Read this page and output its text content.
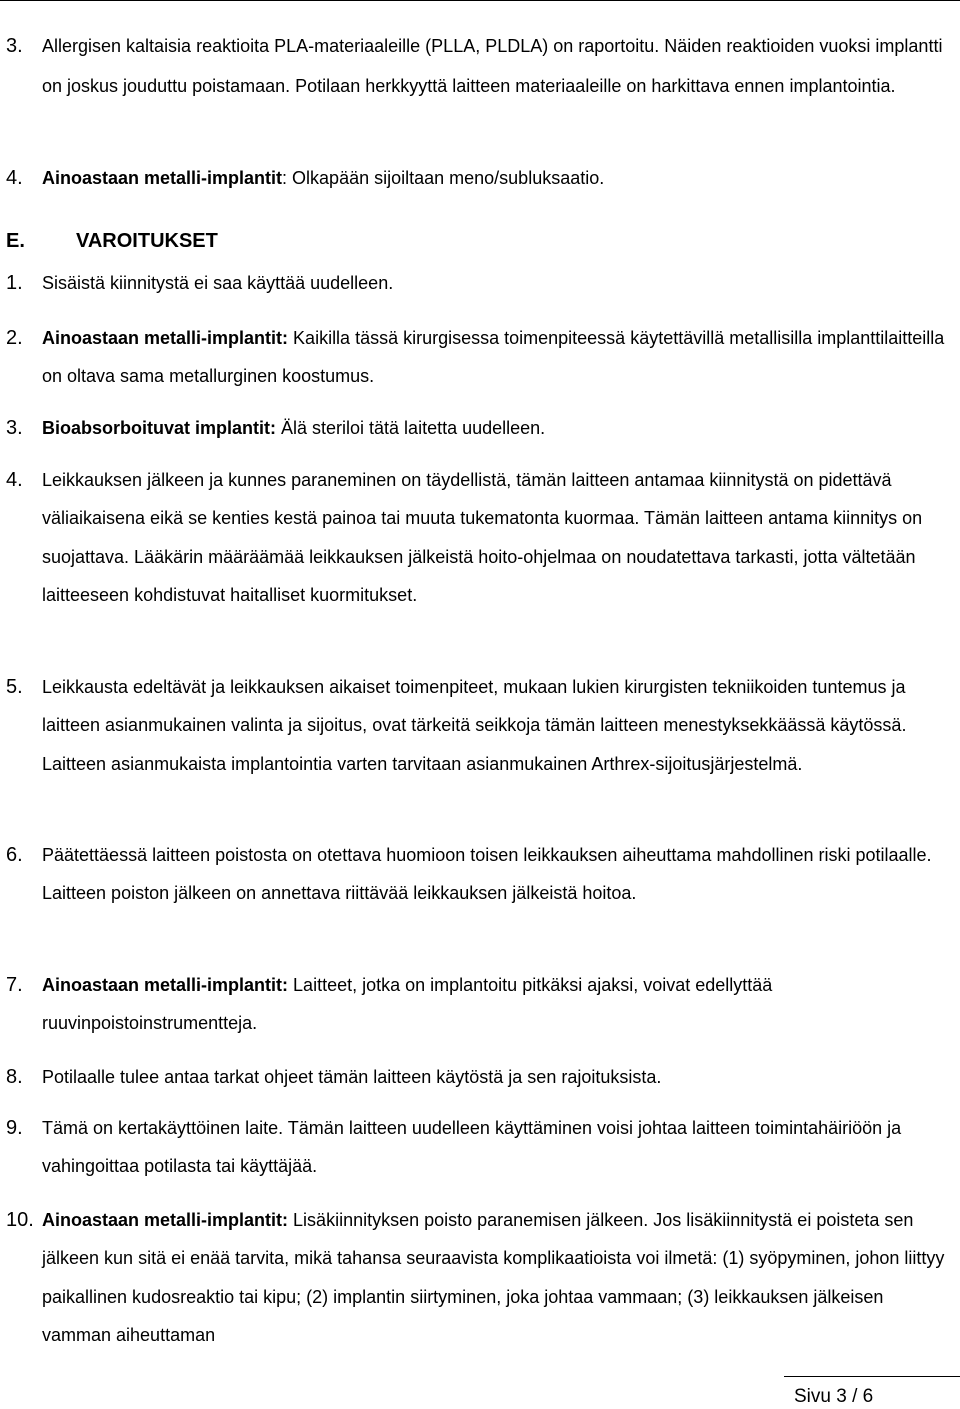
3. Allergisen kaltaisia reaktioita PLA-materiaaleille (PLLA, PLDLA) on raportoitu. Näiden reaktioiden vuoksi implantti on joskus jouduttu poistamaan. Potilaan herkkyyttä laitteen materiaaleille on harkittava ennen implantointia.
4. Ainoastaan metalli-implantit: Olkapään sijoiltaan meno/subluksaatio.
E.	VAROITUKSET
1. Sisäistä kiinnitystä ei saa käyttää uudelleen.
2. Ainoastaan metalli-implantit: Kaikilla tässä kirurgisessa toimenpiteessä käytettävillä metallisilla implanttilaitteilla on oltava sama metallurginen koostumus.
3. Bioabsorboituvat implantit: Älä steriloi tätä laitetta uudelleen.
4. Leikkauksen jälkeen ja kunnes paraneminen on täydellistä, tämän laitteen antamaa kiinnitystä on pidettävä väliaikaisena eikä se kenties kestä painoa tai muuta tukematonta kuormaa. Tämän laitteen antama kiinnitys on suojattava. Lääkärin määräämää leikkauksen jälkeistä hoito-ohjelmaa on noudatettava tarkasti, jotta vältetään laitteeseen kohdistuvat haitalliset kuormitukset.
5. Leikkausta edeltävät ja leikkauksen aikaiset toimenpiteet, mukaan lukien kirurgisten tekniikoiden tuntemus ja laitteen asianmukainen valinta ja sijoitus, ovat tärkeitä seikkoja tämän laitteen menestyksekkäässä käytössä. Laitteen asianmukaista implantointia varten tarvitaan asianmukainen Arthrex-sijoitusjärjestelmä.
6. Päätettäessä laitteen poistosta on otettava huomioon toisen leikkauksen aiheuttama mahdollinen riski potilaalle. Laitteen poiston jälkeen on annettava riittävää leikkauksen jälkeistä hoitoa.
7. Ainoastaan metalli-implantit: Laitteet, jotka on implantoitu pitkäksi ajaksi, voivat edellyttää ruuvinpoistoinstrumentteja.
8. Potilaalle tulee antaa tarkat ohjeet tämän laitteen käytöstä ja sen rajoituksista.
9. Tämä on kertakäyttöinen laite. Tämän laitteen uudelleen käyttäminen voisi johtaa laitteen toimintahäiriöön ja vahingoittaa potilasta tai käyttäjää.
10. Ainoastaan metalli-implantit: Lisäkiinnityksen poisto paranemisen jälkeen. Jos lisäkiinnitystä ei poisteta sen jälkeen kun sitä ei enää tarvita, mikä tahansa seuraavista komplikaatioista voi ilmetä: (1) syöpyminen, johon liittyy paikallinen kudosreaktio tai kipu; (2) implantin siirtyminen, joka johtaa vammaan; (3) leikkauksen jälkeisen vamman aiheuttaman
Sivu 3 / 6
